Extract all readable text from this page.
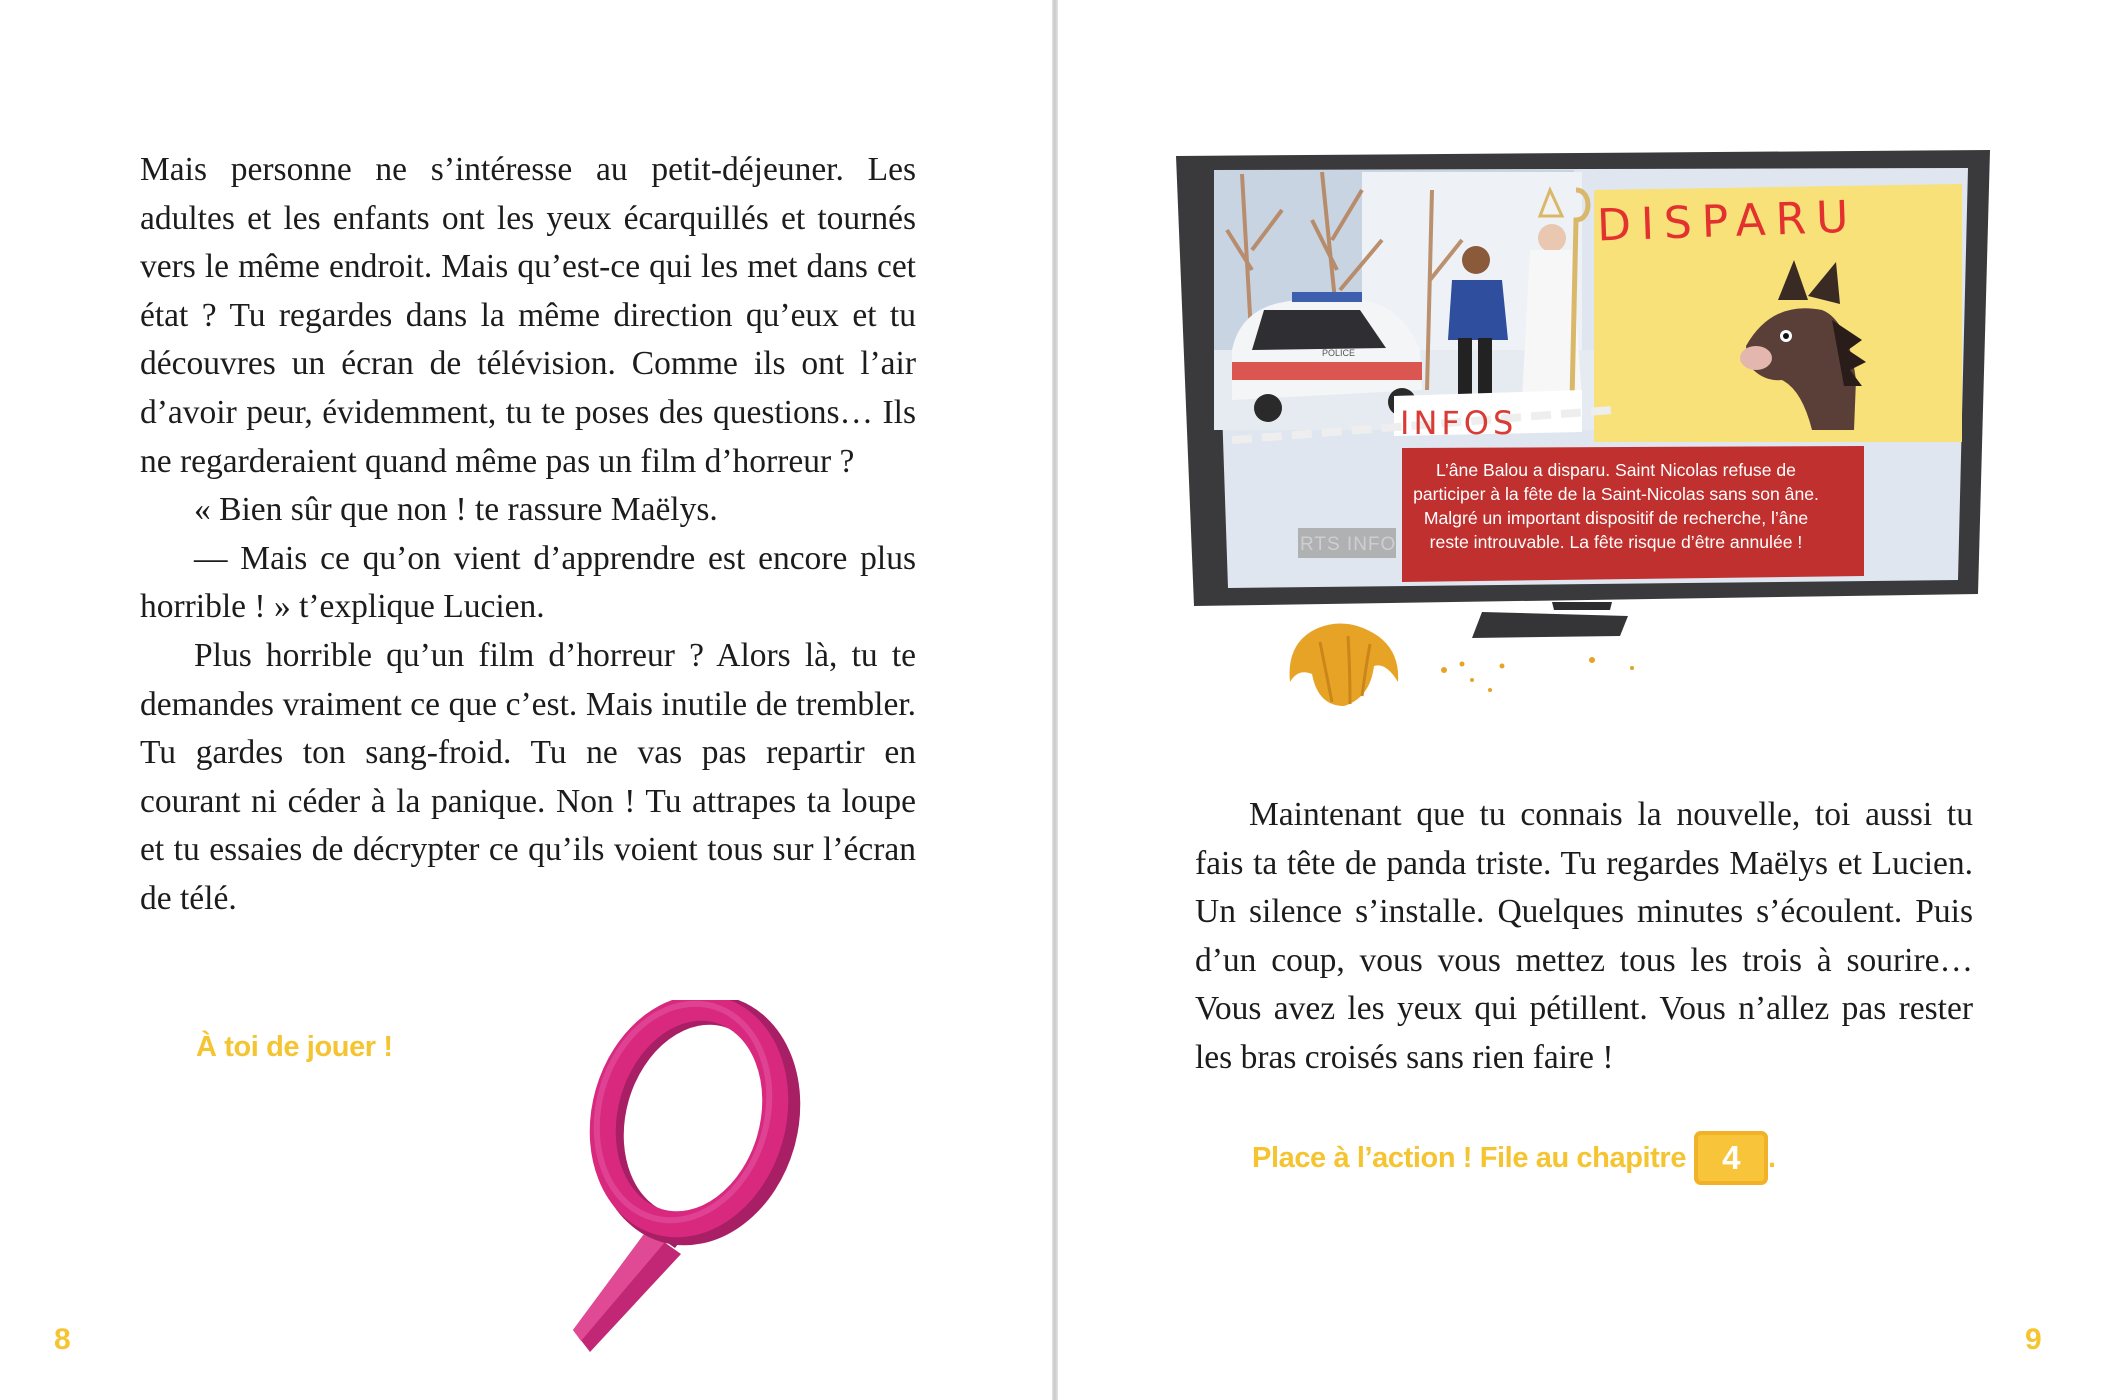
Mais personne ne s’intéresse au petit-déjeuner. Les adultes et les enfants ont les yeux écarquillés et tournés vers le même endroit. Mais qu’est-ce qui les met dans cet état ? Tu regardes dans la même direction qu’eux et tu découvres un écran de télévision. Comme ils ont l’air d’avoir peur, évidemment, tu te poses des questions… Ils ne regarderaient quand même pas un film d’horreur ?

« Bien sûr que non ! te rassure Maëlys.

— Mais ce qu’on vient d’apprendre est encore plus horrible ! » t’explique Lucien.

Plus horrible qu’un film d’horreur ? Alors là, tu te demandes vraiment ce que c’est. Mais inutile de trembler. Tu gardes ton sang-froid. Tu ne vas pas repartir en courant ni céder à la panique. Non ! Tu attrapes ta loupe et tu essaies de décrypter ce qu’ils voient tous sur l’écran de télé.

À toi de jouer !
8
POLICE
DISPARU
INFOS
RTS INFO
L’âne Balou a disparu. Saint Nicolas refuse de
participer à la fête de la Saint-Nicolas sans son âne.
Malgré un important dispositif de recherche, l’âne
reste introuvable. La fête risque d’être annulée !

Maintenant que tu connais la nouvelle, toi aussi tu fais ta tête de panda triste. Tu regardes Maëlys et Lucien. Un silence s’installe. Quelques minutes s’écoulent. Puis d’un coup, vous vous mettez tous les trois à sourire… Vous avez les yeux qui pétillent. Vous n’allez pas rester les bras croisés sans rien faire !

Place à l’action ! File au chapitre 4 .
9
